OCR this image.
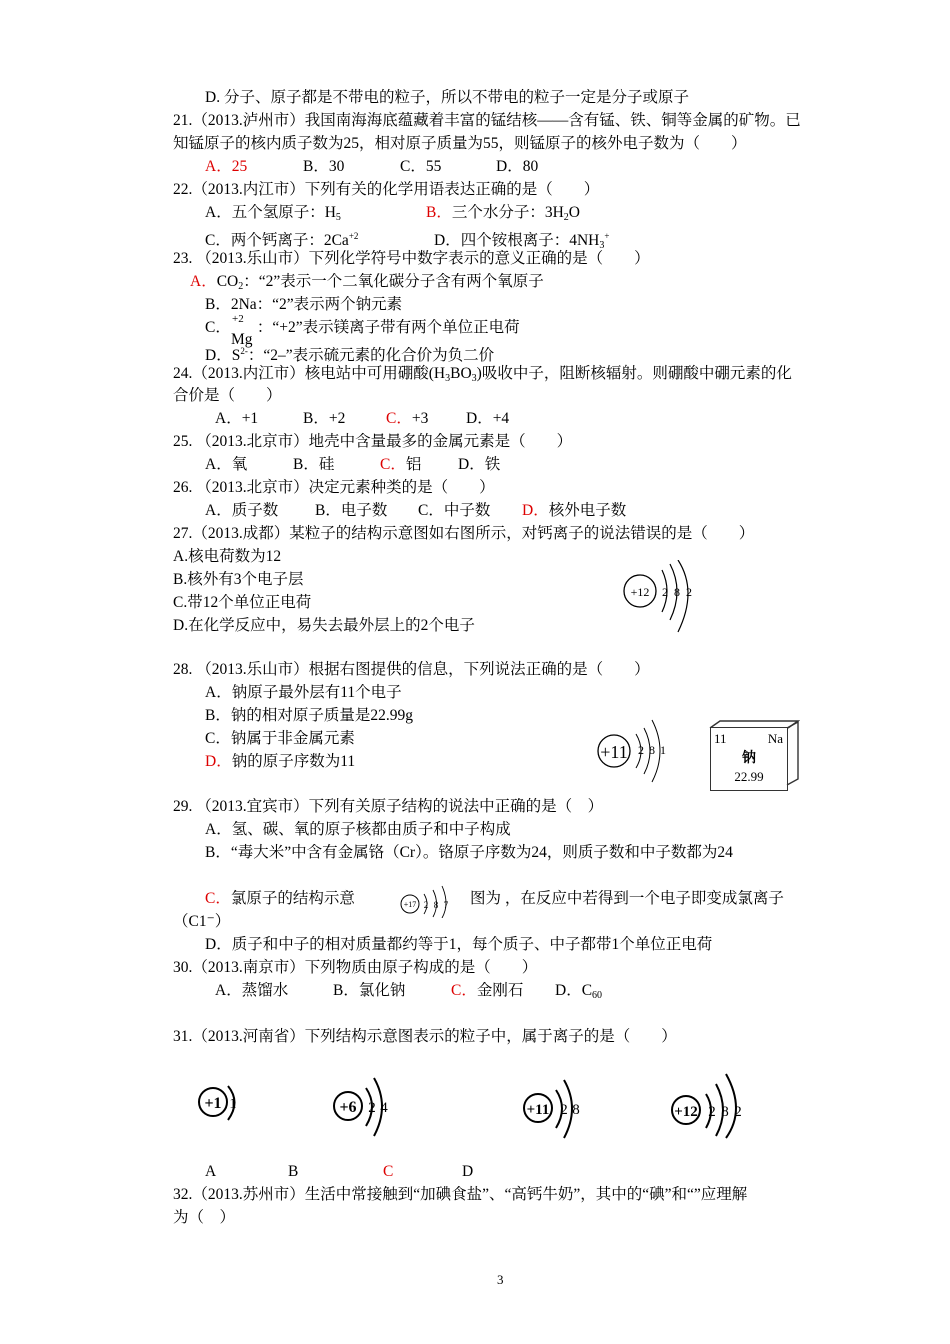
D. 分子、原子都是不带电的粒子，所以不带电的粒子一定是分子或原子
21.（2013.泸州市）我国南海海底蕴藏着丰富的锰结核——含有锰、铁、铜等金属的矿物。已
知锰原子的核内质子数为25，相对原子质量为55，则锰原子的核外电子数为（　　）
A．25	B．30	C．55	D．80
22.（2013.内江市）下列有关的化学用语表达正确的是（　　）
A．五个氢原子：$H_5$	B．三个水分子：$3H_2O$
C．两个钙离子：$2Ca^{+2}$	D．四个铵根离子：$4NH_3^+$
23. （2013.乐山市）下列化学符号中数字表示的意义正确的是（　　）
A．$CO_2$：“2”表示一个二氧化碳分子含有两个氧原子
B．2Na：“2”表示两个钠元素
C． ：“+2”表示镁离子带有两个单位正电荷
+2
Mg
D．$S^{2-}$：“2–”表示硫元素的化合价为负二价
24.（2013.内江市）核电站中可用硼酸$(H_3BO_3)$吸收中子，阻断核辐射。则硼酸中硼元素的化
合价是（　　）
A．+1	B．+2	C．+3 D．+4
25. （2013.北京市）地壳中含量最多的金属元素是（　　）
A．氧	B．硅	C．铝 D．铁
26. （2013.北京市）决定元素种类的是（　　）
A．质子数 B．电子数 C．中子数 D．核外电子数
27.（2013.成都）某粒子的结构示意图如右图所示，对钙离子的说法错误的是（　　）
A.核电荷数为12
B.核外有3个电子层
C.带12个单位正电荷
D.在化学反应中，易失去最外层上的2个电子
+12 2 8 2
28. （2013.乐山市）根据右图提供的信息，下列说法正确的是（　　）
A．钠原子最外层有11个电子
B．钠的相对原子质量是22.99g
C．钠属于非金属元素
D．钠的原子序数为11	+11 2 8 1
11	Na
钠
22.99
29. （2013.宜宾市）下列有关原子结构的说法中正确的是（　）
A．氢、碳、氧的原子核都由质子和中子构成
B．“毒大米”中含有金属铬（Cr）。铬原子序数为24，则质子数和中子数都为24
C．氯原子的结构示意	+17 2 8 7 图为 ，在反应中若得到一个电子即变成氯离子
（C1⁻）
D．质子和中子的相对质量都约等于1，每个质子、中子都带1个单位正电荷
30.（2013.南京市）下列物质由原子构成的是（　　）
A．蒸馏水	B．氯化钠	C．金刚石 D．$C_{60}$
31.（2013.河南省）下列结构示意图表示的粒子中，属于离子的是（　　）
+1 1	+6 2 4	+11 2 8	+12 2 8 2
A	B	C	D
32.（2013.苏州市）生活中常接触到“加碘食盐”、“高钙牛奶”，其中的“碘”和“”应理解
为（　）
3
